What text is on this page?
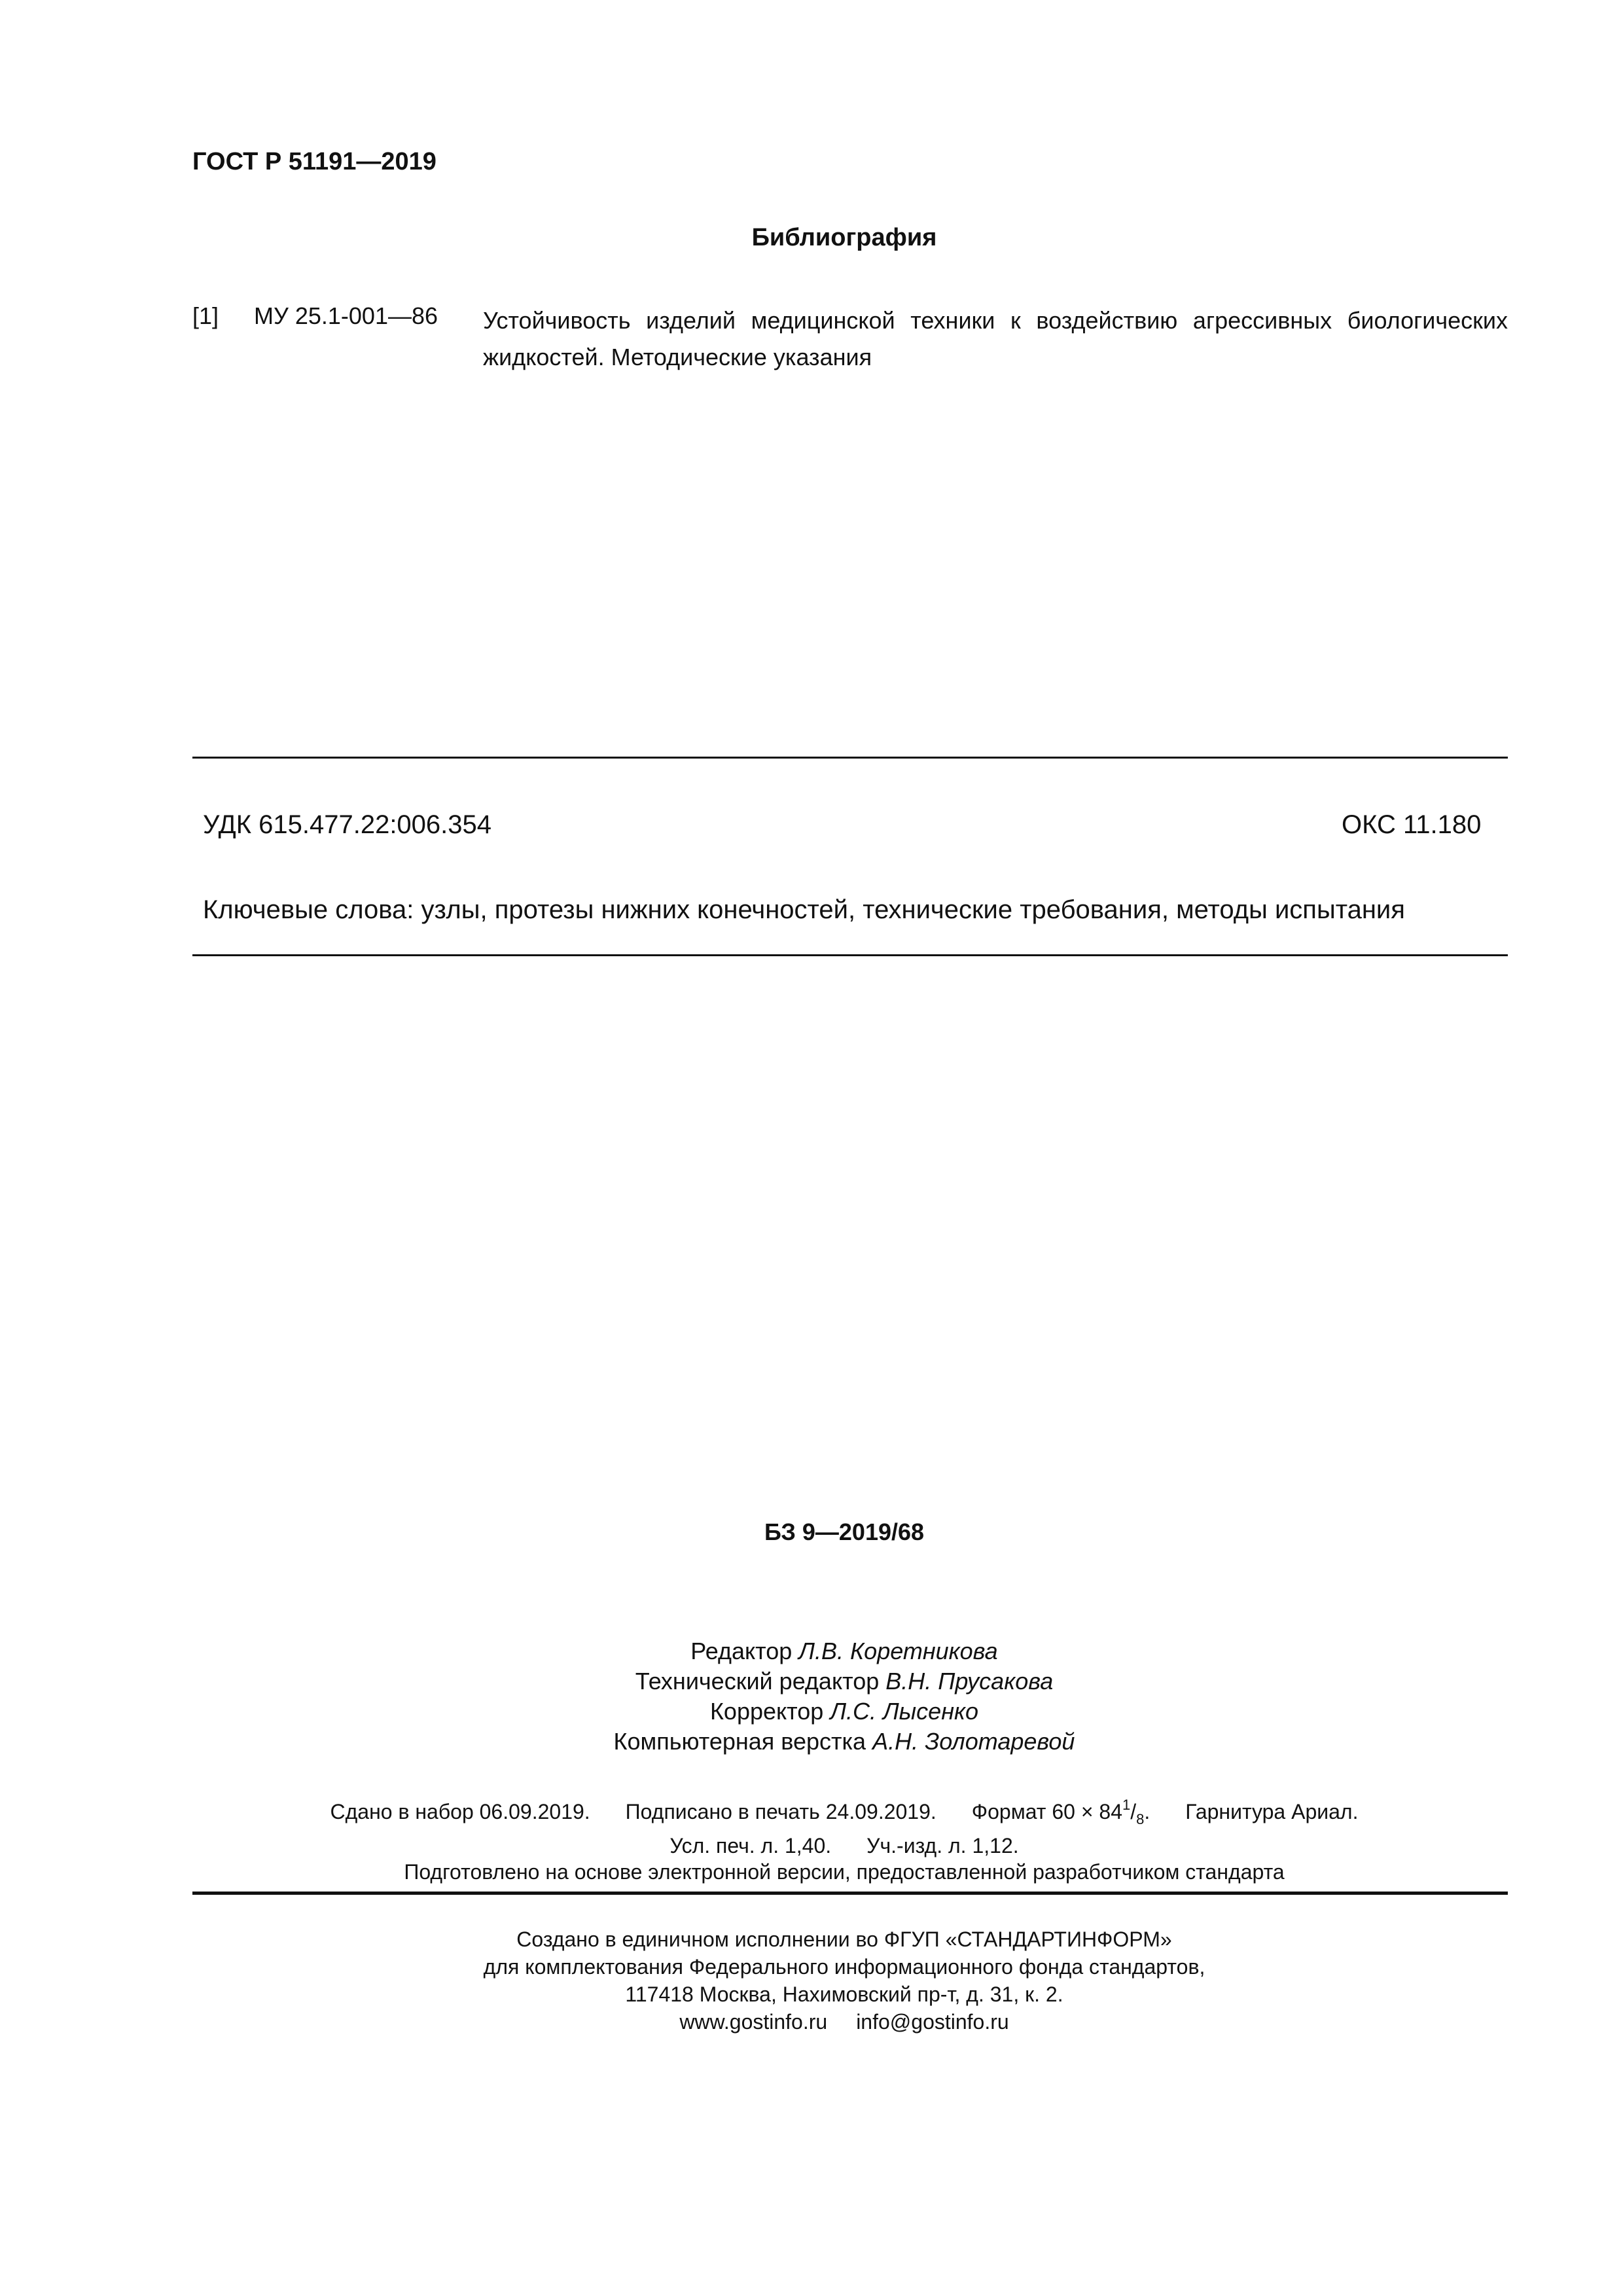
ГОСТ Р 51191—2019
Библиография
[1] МУ 25.1-001—86 Устойчивость изделий медицинской техники к воздействию агрессивных биологических жидкостей. Методические указания
УДК 615.477.22:006.354	ОКС 11.180
Ключевые слова: узлы, протезы нижних конечностей, технические требования, методы испытания
БЗ 9—2019/68
Редактор Л.В. Коретникова
Технический редактор В.Н. Прусакова
Корректор Л.С. Лысенко
Компьютерная верстка А.Н. Золотаревой
Сдано в набор 06.09.2019. Подписано в печать 24.09.2019. Формат $60 \times 84^1/_8$. Гарнитура Ариал.
Усл. печ. л. 1,40. Уч.-изд. л. 1,12.
Подготовлено на основе электронной версии, предоставленной разработчиком стандарта
Создано в единичном исполнении во ФГУП «СТАНДАРТИНФОРМ»
для комплектования Федерального информационного фонда стандартов,
117418 Москва, Нахимовский пр-т, д. 31, к. 2.
www.gostinfo.ru info@gostinfo.ru
